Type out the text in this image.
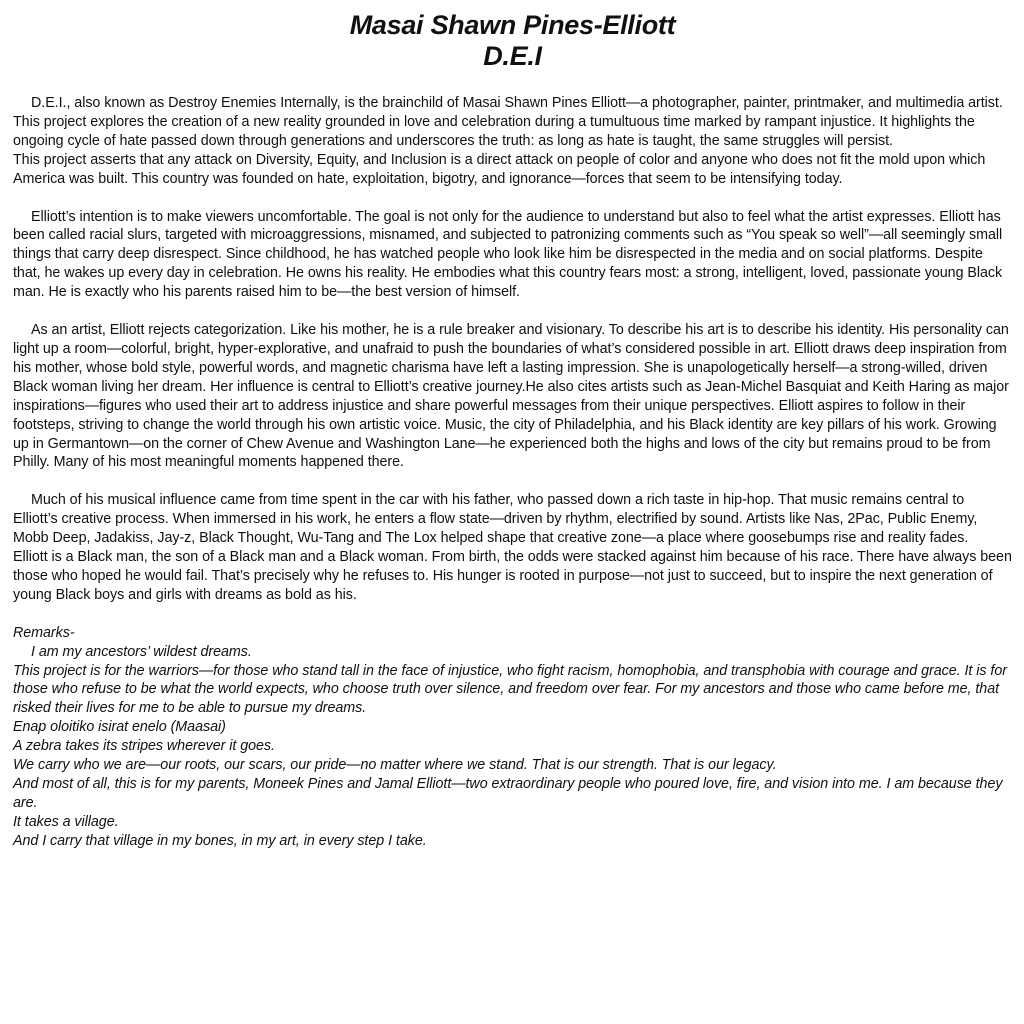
Masai Shawn Pines-Elliott
D.E.I

D.E.I., also known as Destroy Enemies Internally, is the brainchild of Masai Shawn Pines Elliott—a photographer, painter, printmaker, and multimedia artist. This project explores the creation of a new reality grounded in love and celebration during a tumultuous time marked by rampant injustice. It highlights the ongoing cycle of hate passed down through generations and underscores the truth: as long as hate is taught, the same struggles will persist.

This project asserts that any attack on Diversity, Equity, and Inclusion is a direct attack on people of color and anyone who does not fit the mold upon which America was built. This country was founded on hate, exploitation, bigotry, and ignorance—forces that seem to be intensifying today.

Elliott’s intention is to make viewers uncomfortable. The goal is not only for the audience to understand but also to feel what the artist expresses. Elliott has been called racial slurs, targeted with microaggressions, misnamed, and subjected to patronizing comments such as “You speak so well”—all seemingly small things that carry deep disrespect. Since childhood, he has watched people who look like him be disrespected in the media and on social platforms. Despite that, he wakes up every day in celebration. He owns his reality. He embodies what this country fears most: a strong, intelligent, loved, passionate young Black man. He is exactly who his parents raised him to be—the best version of himself.

As an artist, Elliott rejects categorization. Like his mother, he is a rule breaker and visionary. To describe his art is to describe his identity. His personality can light up a room—colorful, bright, hyper-explorative, and unafraid to push the boundaries of what’s considered possible in art. Elliott draws deep inspiration from his mother, whose bold style, powerful words, and magnetic charisma have left a lasting impression. She is unapologetically herself—a strong-willed, driven Black woman living her dream. Her influence is central to Elliott’s creative journey.He also cites artists such as Jean-Michel Basquiat and Keith Haring as major inspirations—figures who used their art to address injustice and share powerful messages from their unique perspectives. Elliott aspires to follow in their footsteps, striving to change the world through his own artistic voice. Music, the city of Philadelphia, and his Black identity are key pillars of his work. Growing up in Germantown—on the corner of Chew Avenue and Washington Lane—he experienced both the highs and lows of the city but remains proud to be from Philly. Many of his most meaningful moments happened there.

Much of his musical influence came from time spent in the car with his father, who passed down a rich taste in hip-hop. That music remains central to Elliott’s creative process. When immersed in his work, he enters a flow state—driven by rhythm, electrified by sound. Artists like Nas, 2Pac, Public Enemy, Mobb Deep, Jadakiss, Jay-z, Black Thought, Wu-Tang and The Lox helped shape that creative zone—a place where goosebumps rise and reality fades.

Elliott is a Black man, the son of a Black man and a Black woman. From birth, the odds were stacked against him because of his race. There have always been those who hoped he would fail. That’s precisely why he refuses to. His hunger is rooted in purpose—not just to succeed, but to inspire the next generation of young Black boys and girls with dreams as bold as his.

Remarks-

I am my ancestors’ wildest dreams.

This project is for the warriors—for those who stand tall in the face of injustice, who fight racism, homophobia, and transphobia with courage and grace. It is for those who refuse to be what the world expects, who choose truth over silence, and freedom over fear. For my ancestors and those who came before me, that risked their lives for me to be able to pursue my dreams.

Enap oloitiko isirat enelo (Maasai)

A zebra takes its stripes wherever it goes.

We carry who we are—our roots, our scars, our pride—no matter where we stand. That is our strength. That is our legacy.

And most of all, this is for my parents, Moneek Pines and Jamal Elliott—two extraordinary people who poured love, fire, and vision into me. I am because they are.

It takes a village.

And I carry that village in my bones, in my art, in every step I take.
